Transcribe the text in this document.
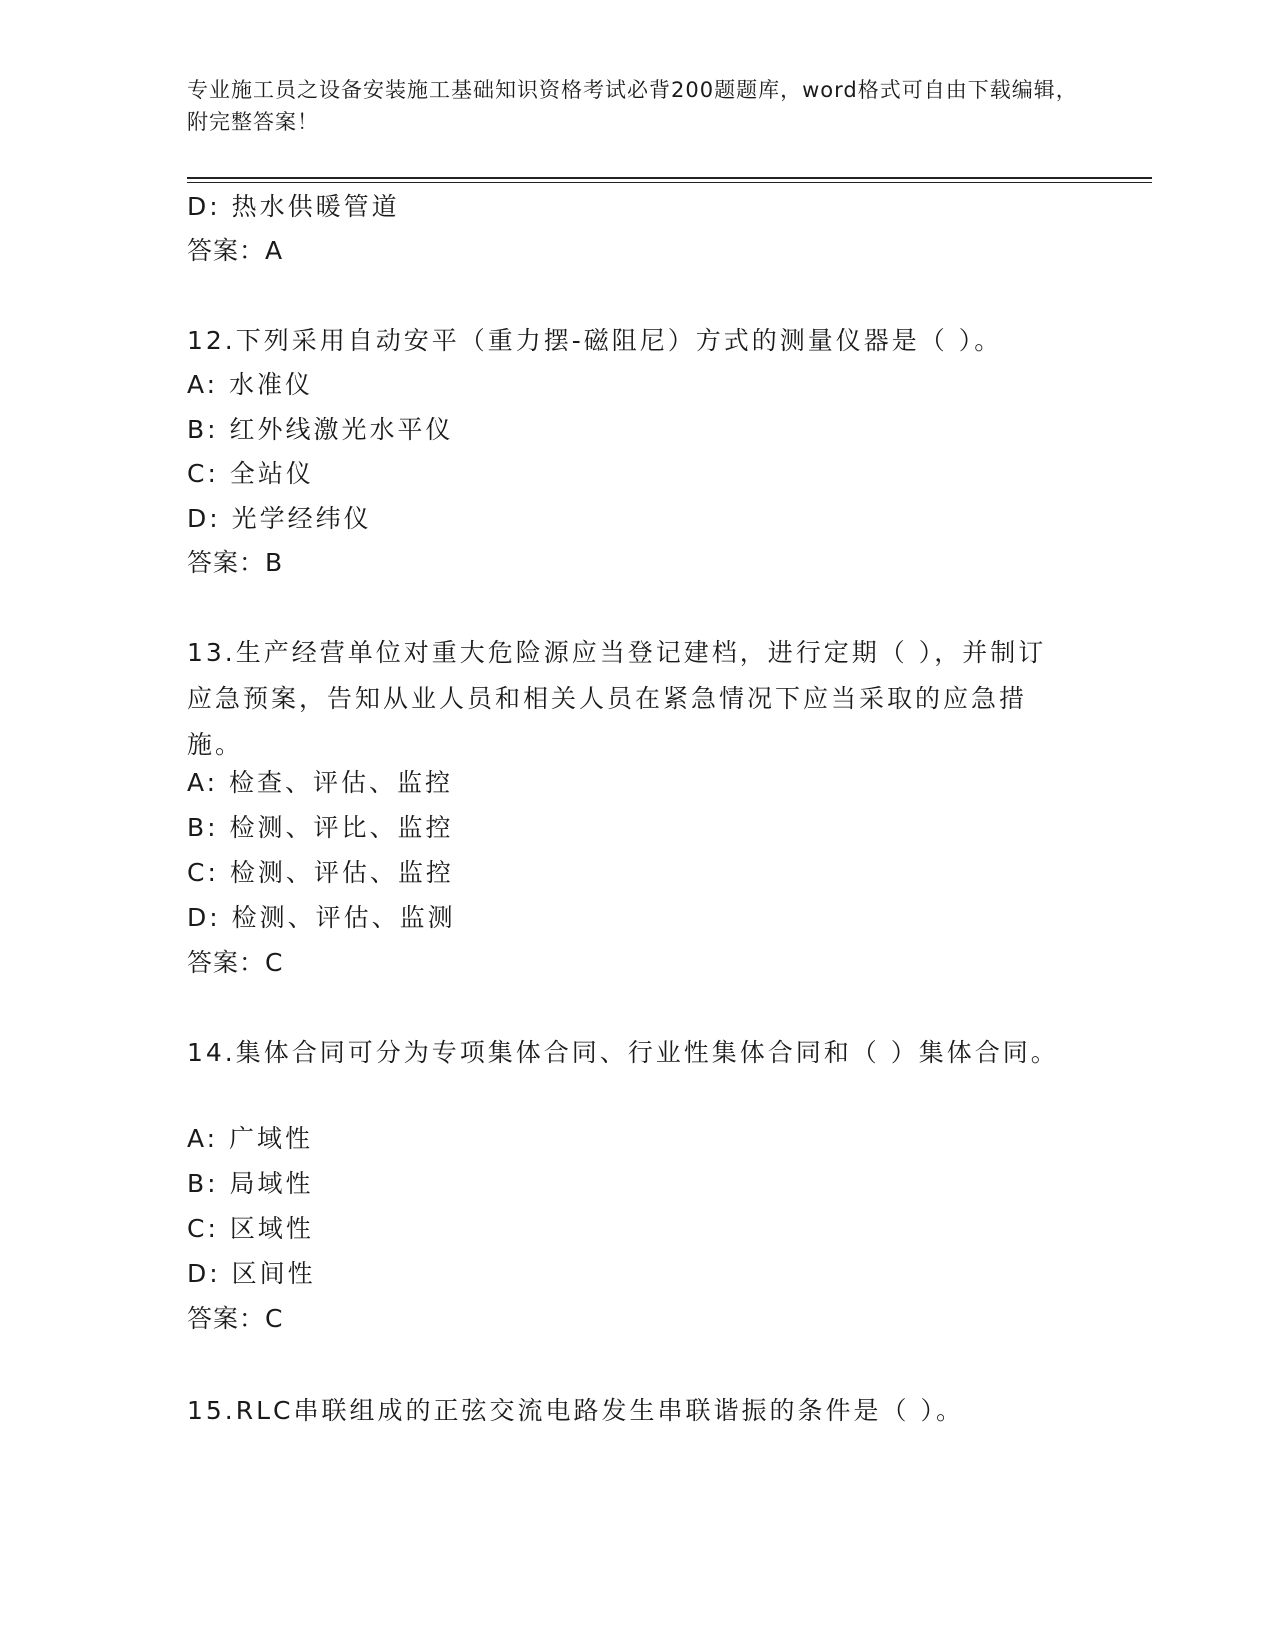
专业施工员之设备安装施工基础知识资格考试必背200题题库，word格式可自由下载编辑，附完整答案！
D: 热水供暖管道
答案：A
12.下列采用自动安平（重力摆-磁阻尼）方式的测量仪器是（ ）。
A: 水准仪
B: 红外线激光水平仪
C: 全站仪
D: 光学经纬仪
答案：B
13.生产经营单位对重大危险源应当登记建档，进行定期（ ），并制订应急预案，告知从业人员和相关人员在紧急情况下应当采取的应急措施。
A: 检查、评估、监控
B: 检测、评比、监控
C: 检测、评估、监控
D: 检测、评估、监测
答案：C
14.集体合同可分为专项集体合同、行业性集体合同和（ ）集体合同。
A: 广域性
B: 局域性
C: 区域性
D: 区间性
答案：C
15.RLC串联组成的正弦交流电路发生串联谐振的条件是（ ）。
